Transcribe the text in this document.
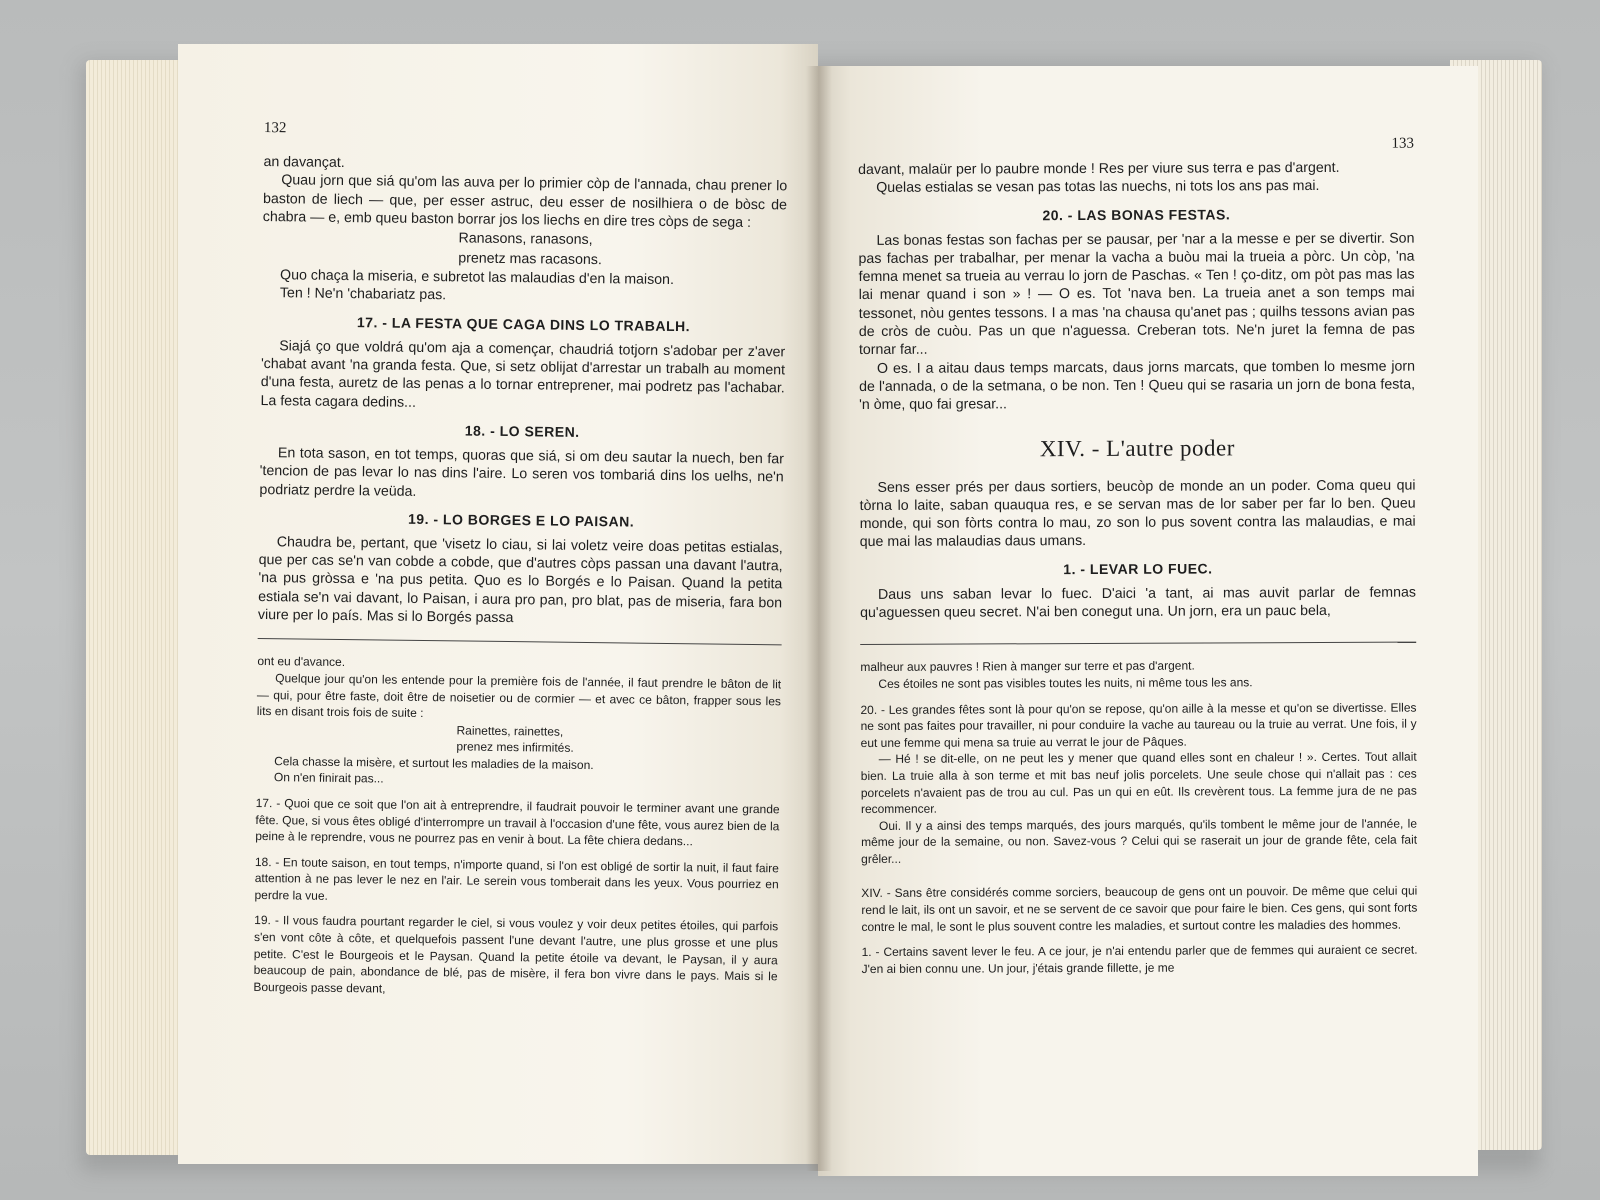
132

an davançat.

Quau jorn que siá qu'om las auva per lo primier còp de l'annada, chau prener lo baston de liech — que, per esser astruc, deu esser de nosilhiera o de bòsc de chabra — e, emb queu baston borrar jos los liechs en dire tres còps de sega :

Ranasons, ranasons,
prenetz mas racasons.

Quo chaça la miseria, e subretot las malaudias d'en la maison.

Ten ! Ne'n 'chabariatz pas.

17. - LA FESTA QUE CAGA DINS LO TRABALH.

Siajá ço que voldrá qu'om aja a començar, chaudriá totjorn s'adobar per z'aver 'chabat avant 'na granda festa. Que, si setz oblijat d'arrestar un trabalh au moment d'una festa, auretz de las penas a lo tornar entreprener, mai podretz pas l'achabar. La festa cagara dedins...

18. - LO SEREN.

En tota sason, en tot temps, quoras que siá, si om deu sautar la nuech, ben far 'tencion de pas levar lo nas dins l'aire. Lo seren vos tombariá dins los uelhs, ne'n podriatz perdre la veüda.

19. - LO BORGES E LO PAISAN.

Chaudra be, pertant, que 'visetz lo ciau, si lai voletz veire doas petitas estialas, que per cas se'n van cobde a cobde, que d'autres còps passan una davant l'autra, 'na pus gròssa e 'na pus petita. Quo es lo Borgés e lo Paisan. Quand la petita estiala se'n vai davant, lo Paisan, i aura pro pan, pro blat, pas de miseria, fara bon viure per lo país. Mas si lo Borgés passa

ont eu d'avance.

Quelque jour qu'on les entende pour la première fois de l'année, il faut prendre le bâton de lit — qui, pour être faste, doit être de noisetier ou de cormier — et avec ce bâton, frapper sous les lits en disant trois fois de suite :

Rainettes, rainettes,
prenez mes infirmités.

Cela chasse la misère, et surtout les maladies de la maison.

On n'en finirait pas...

17. - Quoi que ce soit que l'on ait à entreprendre, il faudrait pouvoir le terminer avant une grande fête. Que, si vous êtes obligé d'interrompre un travail à l'occasion d'une fête, vous aurez bien de la peine à le reprendre, vous ne pourrez pas en venir à bout. La fête chiera dedans...

18. - En toute saison, en tout temps, n'importe quand, si l'on est obligé de sortir la nuit, il faut faire attention à ne pas lever le nez en l'air. Le serein vous tomberait dans les yeux. Vous pourriez en perdre la vue.

19. - Il vous faudra pourtant regarder le ciel, si vous voulez y voir deux petites étoiles, qui parfois s'en vont côte à côte, et quelquefois passent l'une devant l'autre, une plus grosse et une plus petite. C'est le Bourgeois et le Paysan. Quand la petite étoile va devant, le Paysan, il y aura beaucoup de pain, abondance de blé, pas de misère, il fera bon vivre dans le pays. Mais si le Bourgeois passe devant,

133

davant, malaür per lo paubre monde ! Res per viure sus terra e pas d'argent.

Quelas estialas se vesan pas totas las nuechs, ni tots los ans pas mai.

20. - LAS BONAS FESTAS.

Las bonas festas son fachas per se pausar, per 'nar a la messe e per se divertir. Son pas fachas per trabalhar, per menar la vacha a buòu mai la trueia a pòrc. Un còp, 'na femna menet sa trueia au verrau lo jorn de Paschas. « Ten ! ço-ditz, om pòt pas mas las lai menar quand i son » ! — O es. Tot 'nava ben. La trueia anet a son temps mai tessonet, nòu gentes tessons. I a mas 'na chausa qu'anet pas ; quilhs tessons avian pas de cròs de cuòu. Pas un que n'aguessa. Creberan tots. Ne'n juret la femna de pas tornar far...

O es. I a aitau daus temps marcats, daus jorns marcats, que tomben lo mesme jorn de l'annada, o de la setmana, o be non. Ten ! Queu qui se rasaria un jorn de bona festa, 'n òme, quo fai gresar...

XIV. - L'autre poder

Sens esser prés per daus sortiers, beucòp de monde an un poder. Coma queu qui tòrna lo laite, saban quauqua res, e se servan mas de lor saber per far lo ben. Queu monde, qui son fòrts contra lo mau, zo son lo pus sovent contra las malaudias, e mai que mai las malaudias daus umans.

1. - LEVAR LO FUEC.

Daus uns saban levar lo fuec. D'aici 'a tant, ai mas auvit parlar de femnas qu'aguessen queu secret. N'ai ben conegut una. Un jorn, era un pauc bela,

malheur aux pauvres ! Rien à manger sur terre et pas d'argent.

Ces étoiles ne sont pas visibles toutes les nuits, ni même tous les ans.

20. - Les grandes fêtes sont là pour qu'on se repose, qu'on aille à la messe et qu'on se divertisse. Elles ne sont pas faites pour travailler, ni pour conduire la vache au taureau ou la truie au verrat. Une fois, il y eut une femme qui mena sa truie au verrat le jour de Pâques.

— Hé ! se dit-elle, on ne peut les y mener que quand elles sont en chaleur ! ». Certes. Tout allait bien. La truie alla à son terme et mit bas neuf jolis porcelets. Une seule chose qui n'allait pas : ces porcelets n'avaient pas de trou au cul. Pas un qui en eût. Ils crevèrent tous. La femme jura de ne pas recommencer.

Oui. Il y a ainsi des temps marqués, des jours marqués, qu'ils tombent le même jour de l'année, le même jour de la semaine, ou non. Savez-vous ? Celui qui se raserait un jour de grande fête, cela fait grêler...

XIV. - Sans être considérés comme sorciers, beaucoup de gens ont un pouvoir. De même que celui qui rend le lait, ils ont un savoir, et ne se servent de ce savoir que pour faire le bien. Ces gens, qui sont forts contre le mal, le sont le plus souvent contre les maladies, et surtout contre les maladies des hommes.

1. - Certains savent lever le feu. A ce jour, je n'ai entendu parler que de femmes qui auraient ce secret. J'en ai bien connu une. Un jour, j'étais grande fillette, je me
